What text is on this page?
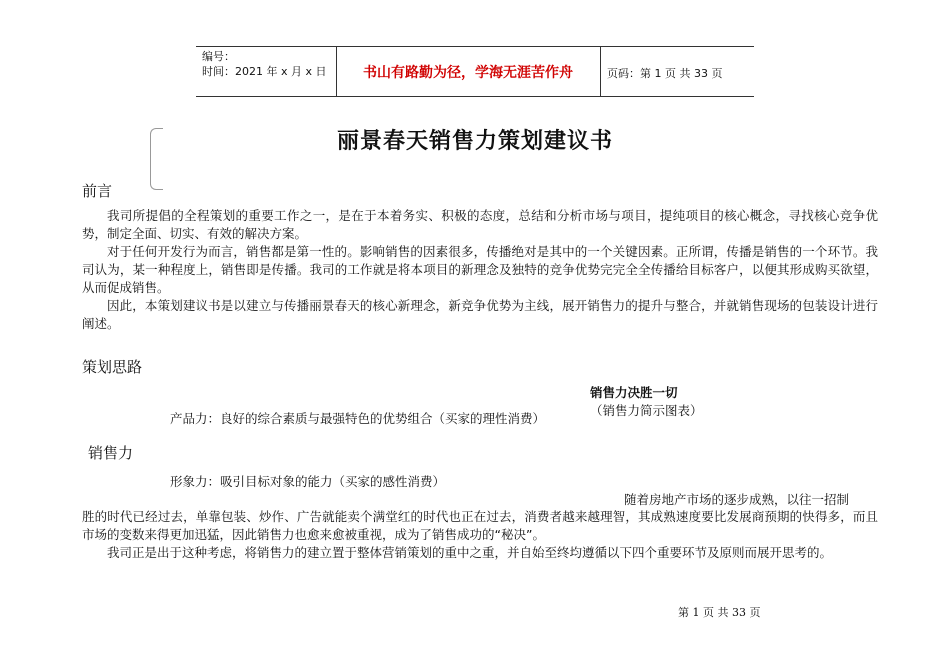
编号：
时间：2021 年 x 月 x 日	书山有路勤为径，学海无涯苦作舟	页码：第 1 页 共 33 页
丽景春天销售力策划建议书
前言

我司所提倡的全程策划的重要工作之一，是在于本着务实、积极的态度，总结和分析市场与项目，提纯项目的核心概念，寻找核心竞争优势，制定全面、切实、有效的解决方案。

对于任何开发行为而言，销售都是第一性的。影响销售的因素很多，传播绝对是其中的一个关键因素。正所谓，传播是销售的一个环节。我司认为，某一种程度上，销售即是传播。我司的工作就是将本项目的新理念及独特的竞争优势完完全全传播给目标客户，以便其形成购买欲望，从而促成销售。

因此，本策划建议书是以建立与传播丽景春天的核心新理念，新竞争优势为主线，展开销售力的提升与整合，并就销售现场的包装设计进行阐述。

策划思路
销售力决胜一切
（销售力简示图表）
产品力：良好的综合素质与最强特色的优势组合（买家的理性消费）
销售力
形象力：吸引目标对象的能力（买家的感性消费）
随着房地产市场的逐步成熟，以往一招制

胜的时代已经过去，单靠包装、炒作、广告就能卖个满堂红的时代也正在过去，消费者越来越理智，其成熟速度要比发展商预期的快得多，而且市场的变数来得更加迅猛，因此销售力也愈来愈被重视，成为了销售成功的“秘决”。

我司正是出于这种考虑，将销售力的建立置于整体营销策划的重中之重，并自始至终均遵循以下四个重要环节及原则而展开思考的。

第 1 页 共 33 页
